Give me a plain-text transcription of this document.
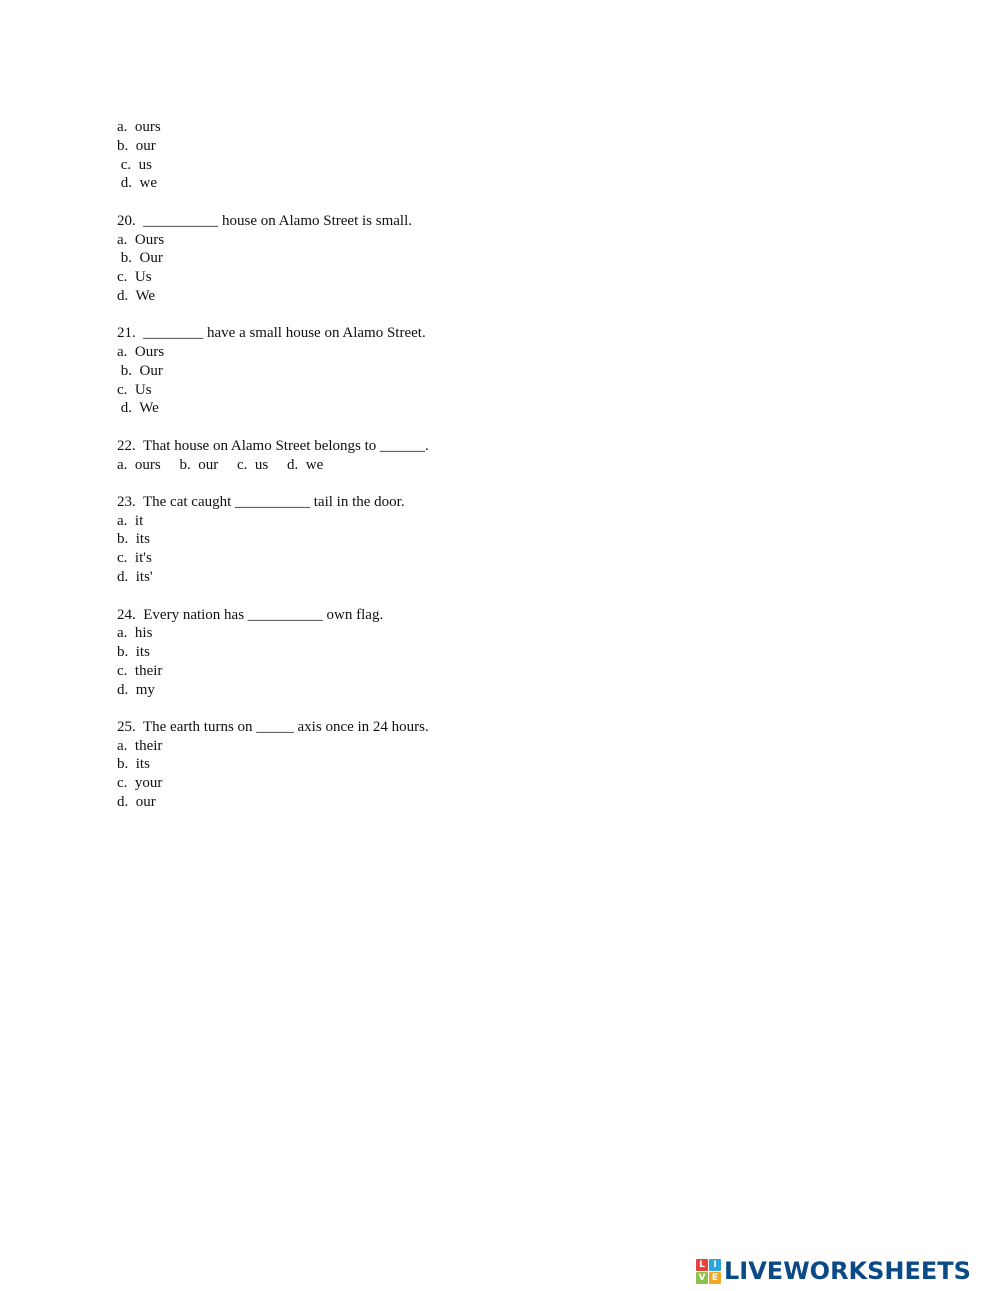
a.  ours
b.  our
c.  us
d.  we
20.  __________ house on Alamo Street is small.
a.  Ours
b.  Our
c.  Us
d.  We
21.  ________ have a small house on Alamo Street.
a.  Ours
b.  Our
c.  Us
d.  We
22.  That house on Alamo Street belongs to ______.
a.  ours     b.  our     c.  us     d.  we
23.  The cat caught __________ tail in the door.
a.  it
b.  its
c.  it's
d.  its'
24.  Every nation has __________ own flag.
a.  his
b.  its
c.  their
d.  my
25.  The earth turns on _____ axis once in 24 hours.
a.  their
b.  its
c.  your
d.  our
L I
V E LIVEWORKSHEETS
